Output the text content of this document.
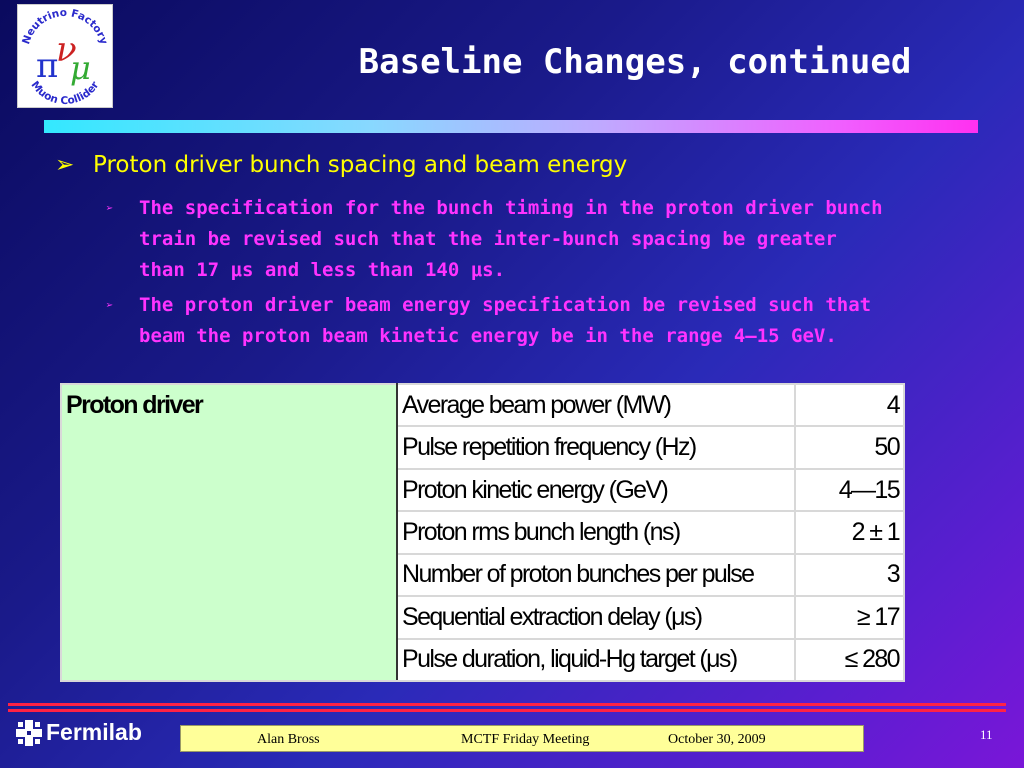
Neutrino Factory
Muon Collider
π
ν
μ	Baseline Changes, continued
➢ Proton driver bunch spacing and beam energy
➢ The specification for the bunch timing in the proton driver bunch
train be revised such that the inter-bunch spacing be greater
than 17 μs and less than 140 μs.
➢ The proton driver beam energy specification be revised such that
beam the proton beam kinetic energy be in the range 4—15 GeV.
Proton driver	Average beam power (MW)	4
	Pulse repetition frequency (Hz)	50
	Proton kinetic energy (GeV)	4—15
	Proton rms bunch length (ns)	2 ± 1
	Number of proton bunches per pulse	3
	Sequential extraction delay (μs)	≥ 17
	Pulse duration, liquid-Hg target (μs)	≤ 280
Fermilab	Alan Bross	MCTF Friday Meeting	October 30, 2009	11
